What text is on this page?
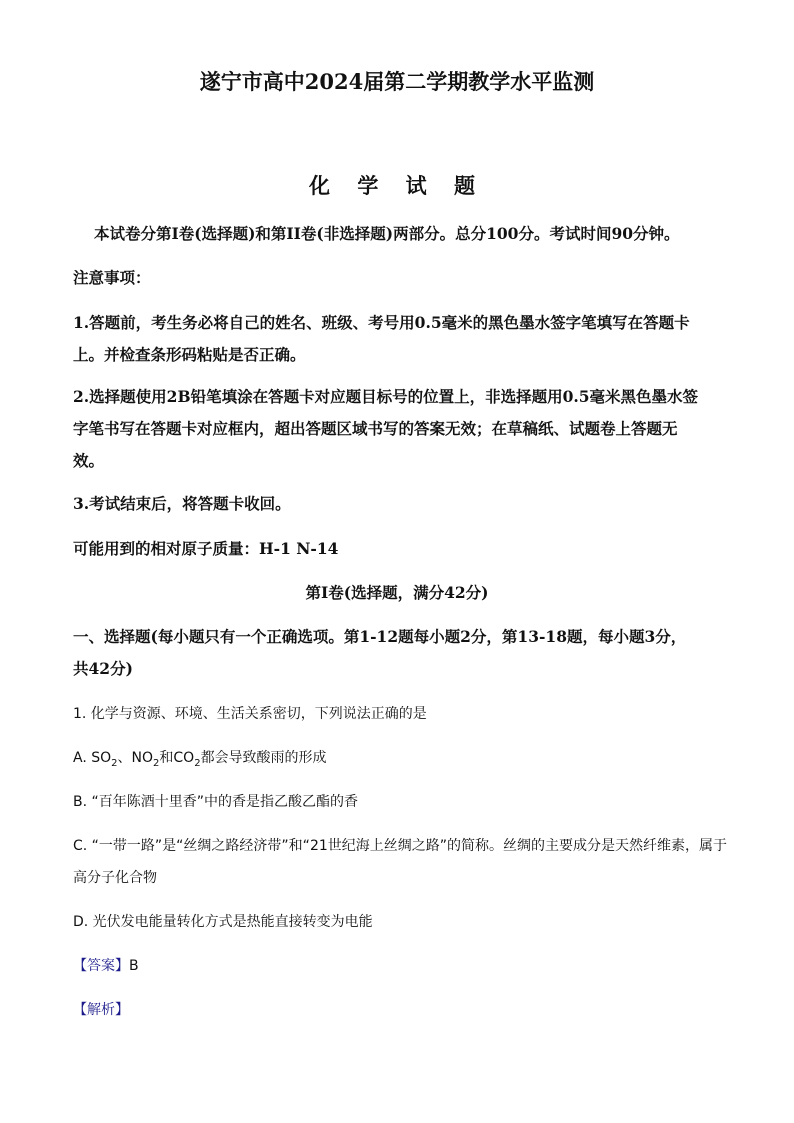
遂宁市高中2024届第二学期教学水平监测
化 学 试 题
本试卷分第I卷(选择题)和第II卷(非选择题)两部分。总分100分。考试时间90分钟。
注意事项：
1.答题前，考生务必将自己的姓名、班级、考号用0.5毫米的黑色墨水签字笔填写在答题卡
上。并检查条形码粘贴是否正确。
2.选择题使用2B铅笔填涂在答题卡对应题目标号的位置上，非选择题用0.5毫米黑色墨水签
字笔书写在答题卡对应框内，超出答题区域书写的答案无效；在草稿纸、试题卷上答题无
效。
3.考试结束后，将答题卡收回。
可能用到的相对原子质量：H-1 N-14
第I卷(选择题，满分42分)
一、选择题(每小题只有一个正确选项。第1-12题每小题2分，第13-18题，每小题3分，
共42分)
1. 化学与资源、环境、生活关系密切，下列说法正确的是
A. $SO_2$、$NO_2$和$CO_2$都会导致酸雨的形成
B. “百年陈酒十里香”中的香是指乙酸乙酯的香
C. “一带一路”是“丝绸之路经济带”和“21世纪海上丝绸之路”的简称。丝绸的主要成分是天然纤维素，属于
高分子化合物
D. 光伏发电能量转化方式是热能直接转变为电能
【答案】B
【解析】
